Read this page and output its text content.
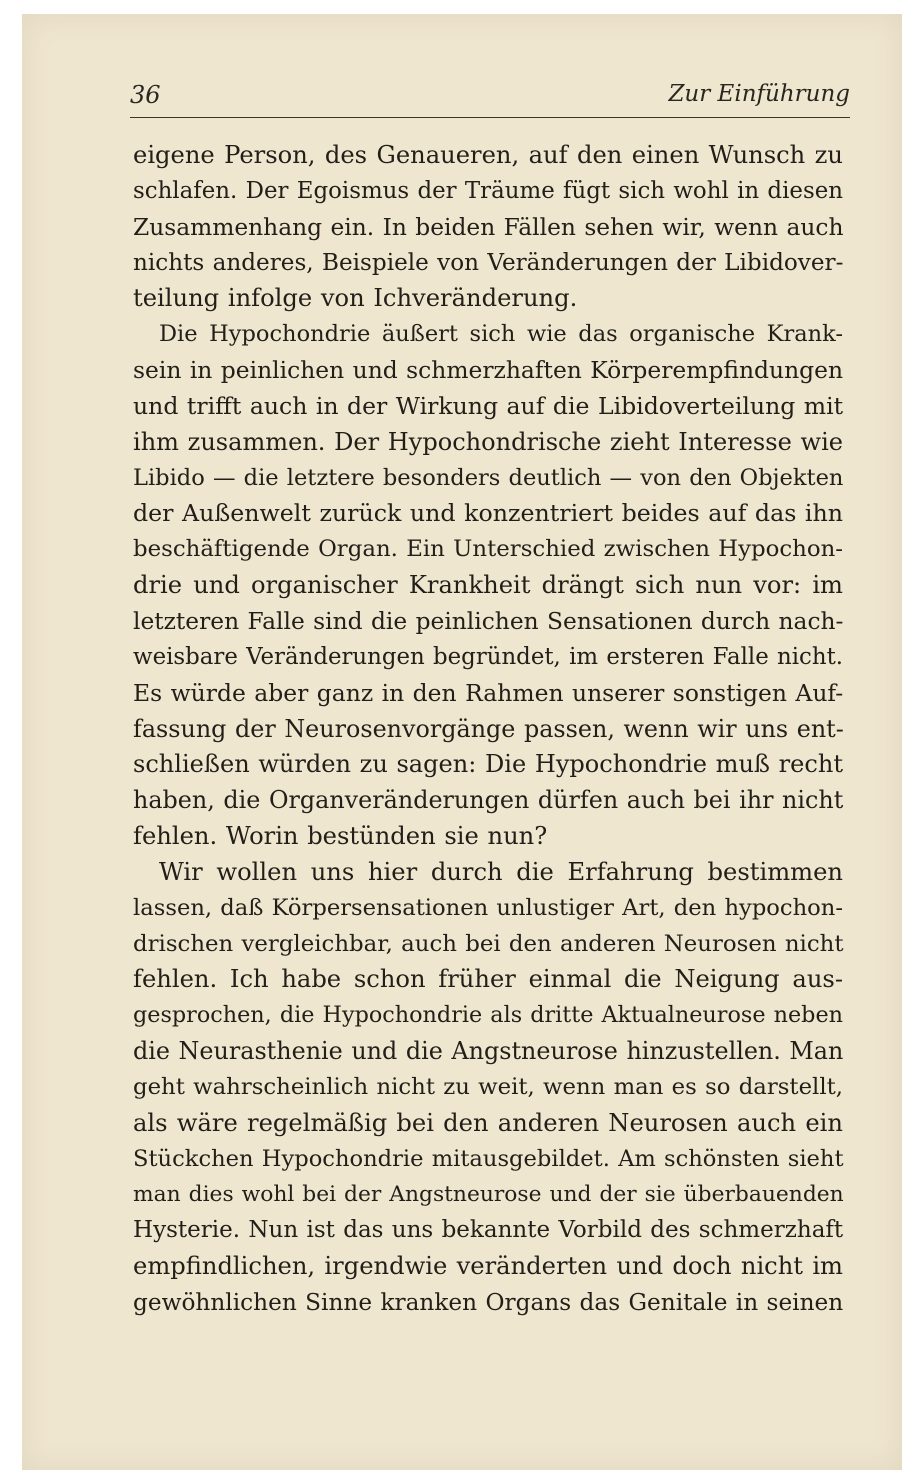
36	Zur Einführung
eigene Person, des Genaueren, auf den einen Wunsch zu
schlafen. Der Egoismus der Träume fügt sich wohl in diesen
Zusammenhang ein. In beiden Fällen sehen wir, wenn auch
nichts anderes, Beispiele von Veränderungen der Libidover-
teilung infolge von Ichveränderung.
Die Hypochondrie äußert sich wie das organische Krank-
sein in peinlichen und schmerzhaften Körperempfindungen
und trifft auch in der Wirkung auf die Libidoverteilung mit
ihm zusammen. Der Hypochondrische zieht Interesse wie
Libido — die letztere besonders deutlich — von den Objekten
der Außenwelt zurück und konzentriert beides auf das ihn
beschäftigende Organ. Ein Unterschied zwischen Hypochon-
drie und organischer Krankheit drängt sich nun vor: im
letzteren Falle sind die peinlichen Sensationen durch nach-
weisbare Veränderungen begründet, im ersteren Falle nicht.
Es würde aber ganz in den Rahmen unserer sonstigen Auf-
fassung der Neurosenvorgänge passen, wenn wir uns ent-
schließen würden zu sagen: Die Hypochondrie muß recht
haben, die Organveränderungen dürfen auch bei ihr nicht
fehlen. Worin bestünden sie nun?
Wir wollen uns hier durch die Erfahrung bestimmen
lassen, daß Körpersensationen unlustiger Art, den hypochon-
drischen vergleichbar, auch bei den anderen Neurosen nicht
fehlen. Ich habe schon früher einmal die Neigung aus-
gesprochen, die Hypochondrie als dritte Aktualneurose neben
die Neurasthenie und die Angstneurose hinzustellen. Man
geht wahrscheinlich nicht zu weit, wenn man es so darstellt,
als wäre regelmäßig bei den anderen Neurosen auch ein
Stückchen Hypochondrie mitausgebildet. Am schönsten sieht
man dies wohl bei der Angstneurose und der sie überbauenden
Hysterie. Nun ist das uns bekannte Vorbild des schmerzhaft
empfindlichen, irgendwie veränderten und doch nicht im
gewöhnlichen Sinne kranken Organs das Genitale in seinen
